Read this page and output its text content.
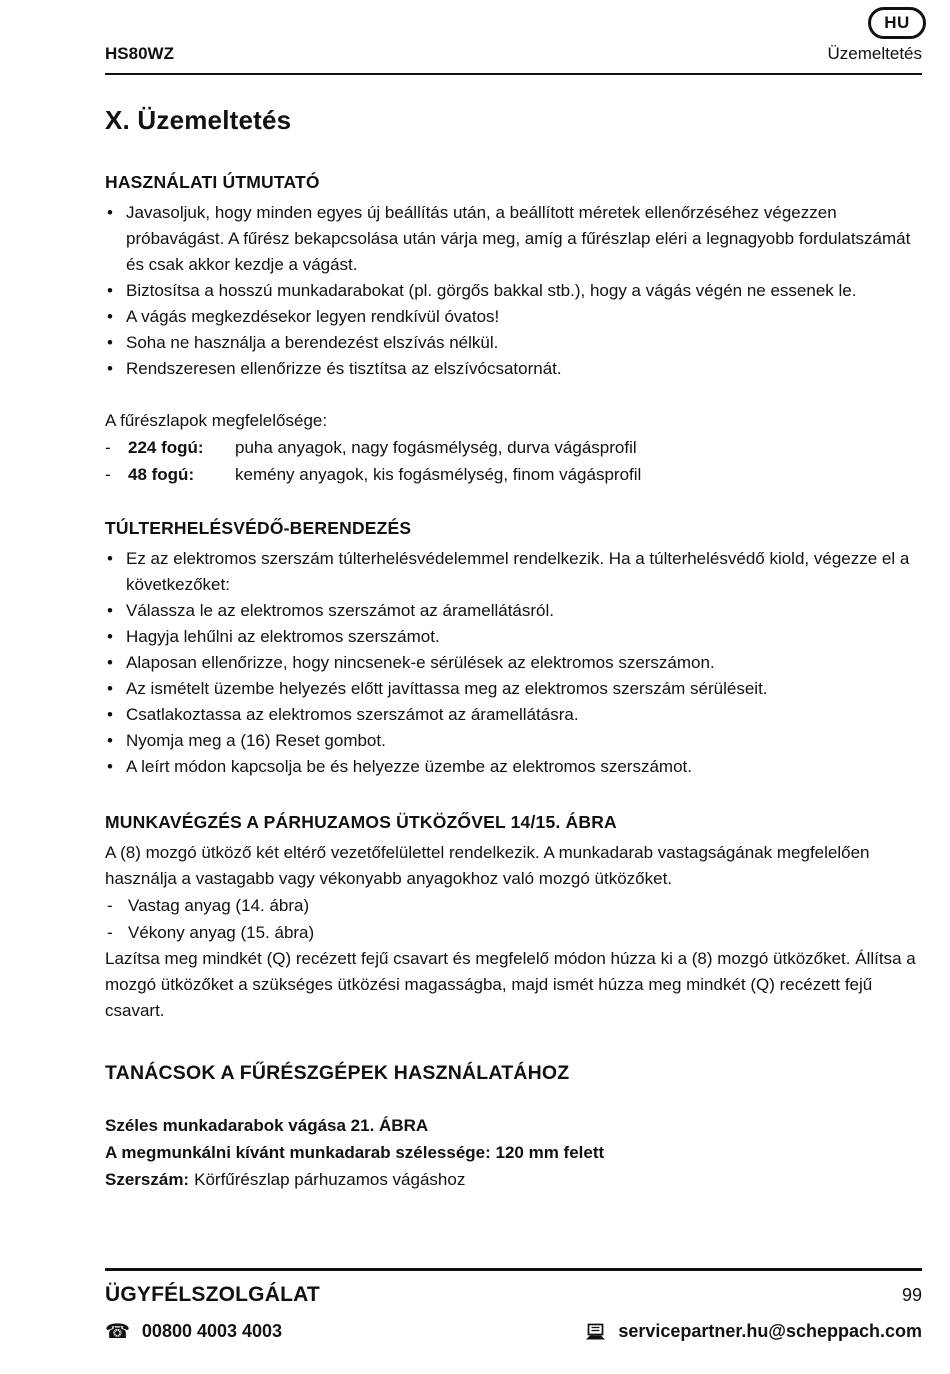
HU
HS80WZ	Üzemeltetés
X. Üzemeltetés
HASZNÁLATI ÚTMUTATÓ
• Javasoljuk, hogy minden egyes új beállítás után, a beállított méretek ellenőrzéséhez végezzen próbavágást. A fűrész bekapcsolása után várja meg, amíg a fűrészlap eléri a legnagyobb fordulatszámát és csak akkor kezdje a vágást.
• Biztosítsa a hosszú munkadarabokat (pl. görgős bakkal stb.), hogy a vágás végén ne essenek le.
• A vágás megkezdésekor legyen rendkívül óvatos!
• Soha ne használja a berendezést elszívás nélkül.
• Rendszeresen ellenőrizze és tisztítsa az elszívócsatornát.

A fűrészlapok megfelelősége:

-
224 fogú:	puha anyagok, nagy fogásmélység, durva vágásprofil
-
48 fogú:	kemény anyagok, kis fogásmélység, finom vágásprofil
TÚLTERHELÉSVÉDŐ-BERENDEZÉS
• Ez az elektromos szerszám túlterhelésvédelemmel rendelkezik. Ha a túlterhelésvédő kiold, végezze el a következőket:
• Válassza le az elektromos szerszámot az áramellátásról.
• Hagyja lehűlni az elektromos szerszámot.
• Alaposan ellenőrizze, hogy nincsenek-e sérülések az elektromos szerszámon.
• Az ismételt üzembe helyezés előtt javíttassa meg az elektromos szerszám sérüléseit.
• Csatlakoztassa az elektromos szerszámot az áramellátásra.
• Nyomja meg a (16) Reset gombot.
• A leírt módon kapcsolja be és helyezze üzembe az elektromos szerszámot.
MUNKAVÉGZÉS A PÁRHUZAMOS ÜTKÖZŐVEL 14/15. ÁBRA

A (8) mozgó ütköző két eltérő vezetőfelülettel rendelkezik. A munkadarab vastagságának megfelelően használja a vastagabb vagy vékonyabb anyagokhoz való mozgó ütközőket.

- Vastag anyag (14. ábra)
- Vékony anyag (15. ábra)

Lazítsa meg mindkét (Q) recézett fejű csavart és megfelelő módon húzza ki a (8) mozgó ütközőket. Állítsa a mozgó ütközőket a szükséges ütközési magasságba, majd ismét húzza meg mindkét (Q) recézett fejű csavart.

TANÁCSOK A FŰRÉSZGÉPEK HASZNÁLATÁHOZ
Széles munkadarabok vágása 21. ÁBRA
A megmunkálni kívánt munkadarab szélessége: 120 mm felett
Szerszám: Körfűrészlap párhuzamos vágáshoz
ÜGYFÉLSZOLGÁLAT	99
☎ 00800 4003 4003	servicepartner.hu@scheppach.com
